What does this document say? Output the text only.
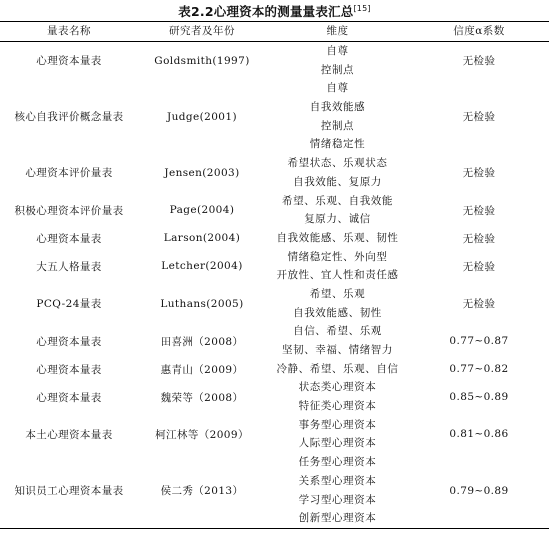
表2.2心理资本的测量量表汇总[15]
量表名称	研究者及年份	维度	信度α系数
心理资本量表	Goldsmith(1997)	自尊
控制点	无检验
核心自我评价概念量表	Judge(2001)	自尊
自我效能感
控制点
情绪稳定性	无检验
心理资本评价量表	Jensen(2003)	希望状态、乐观状态
自我效能、复原力	无检验
积极心理资本评价量表	Page(2004)	希望、乐观、自我效能
复原力、诚信	无检验
心理资本量表	Larson(2004)	自我效能感、乐观、韧性	无检验
大五人格量表	Letcher(2004)	情绪稳定性、外向型
开放性、宜人性和责任感	无检验
PCQ-24量表	Luthans(2005)	希望、乐观
自我效能感、韧性	无检验
心理资本量表	田喜洲（2008）	自信、希望、乐观
坚韧、幸福、情绪智力	0.77~0.87
心理资本量表	惠青山（2009）	冷静、希望、乐观、自信	0.77~0.82
心理资本量表	魏荣等（2008）	状态类心理资本
特征类心理资本	0.85~0.89
本土心理资本量表	柯江林等（2009）	事务型心理资本
人际型心理资本	0.81~0.86
知识员工心理资本量表	侯二秀（2013）	任务型心理资本
关系型心理资本
学习型心理资本
创新型心理资本	0.79~0.89
